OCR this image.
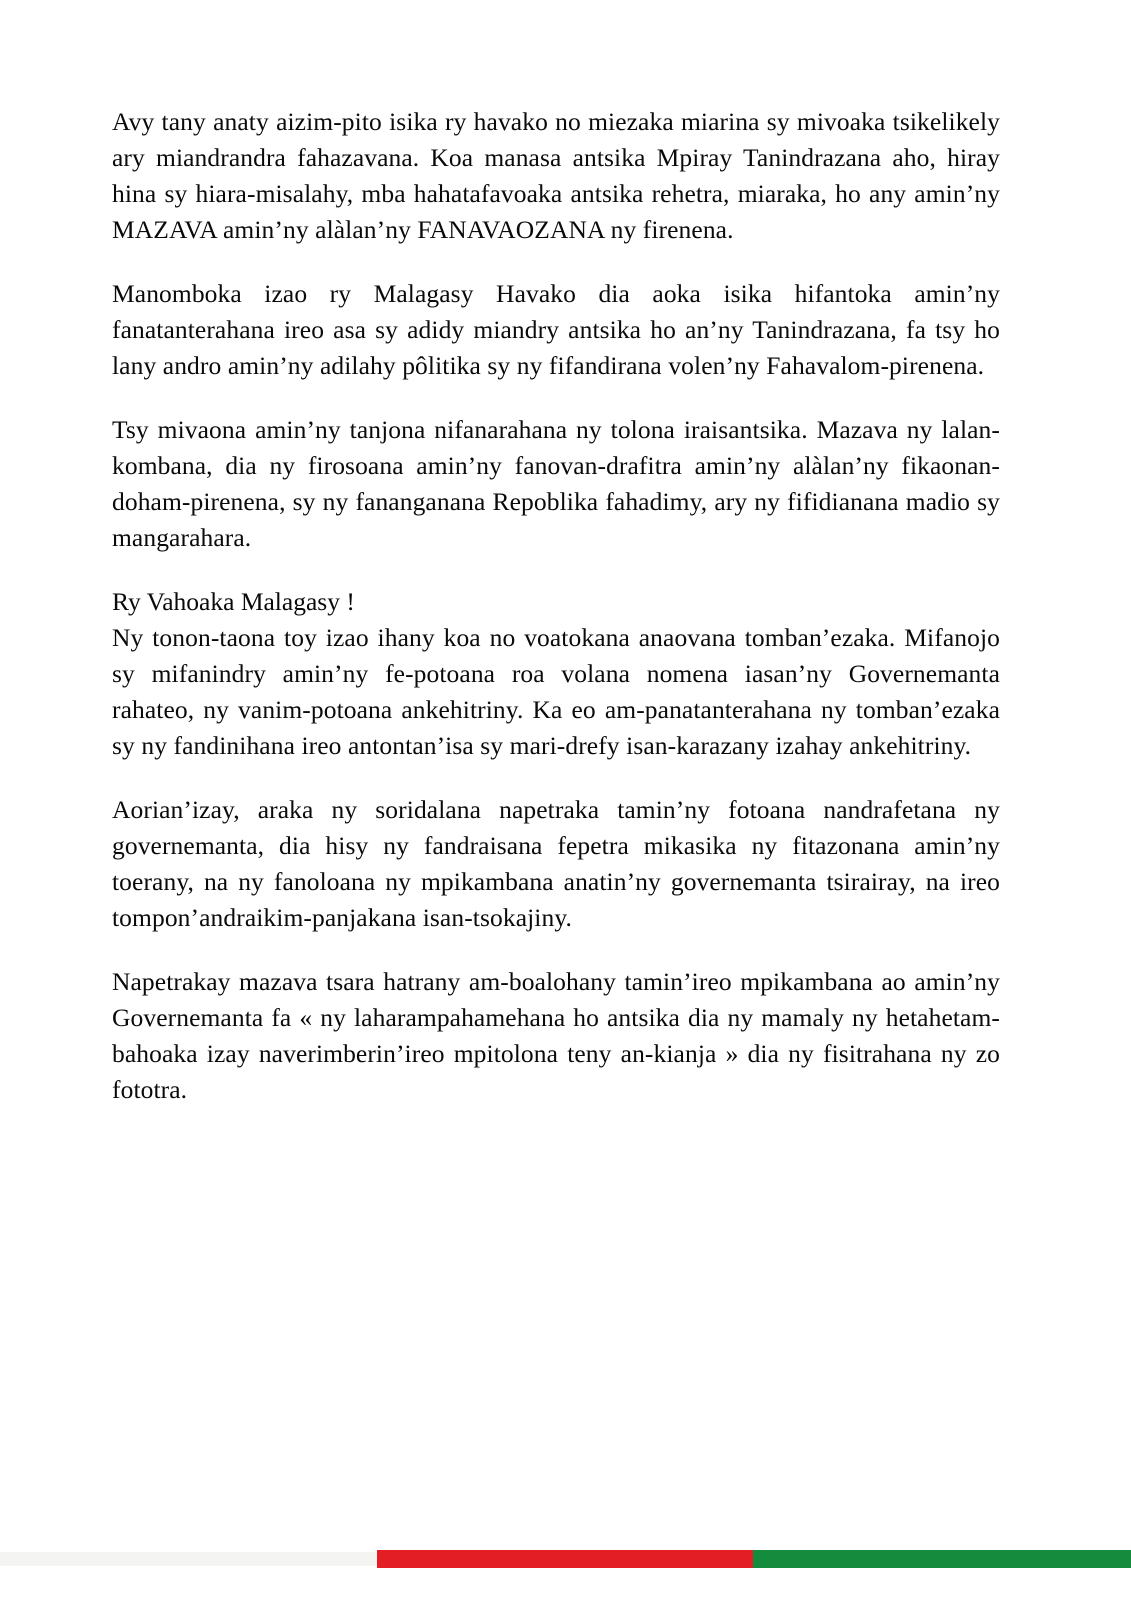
Avy tany anaty aizim-pito isika ry havako no miezaka miarina sy mivoaka tsikelikely ary miandrandra fahazavana. Koa manasa antsika Mpiray Tanindrazana aho, hiray hina sy hiara-misalahy, mba hahatafavoaka antsika rehetra, miaraka, ho any amin’ny MAZAVA amin’ny alàlan’ny FANAVAOZANA ny firenena.

Manomboka izao ry Malagasy Havako dia aoka isika hifantoka amin’ny fanatanterahana ireo asa sy adidy miandry antsika ho an’ny Tanindrazana, fa tsy ho lany andro amin’ny adilahy pôlitika sy ny fifandirana volen’ny Fahavalom-pirenena.

Tsy mivaona amin’ny tanjona nifanarahana ny tolona iraisantsika. Mazava ny lalan-kombana, dia ny firosoana amin’ny fanovan-drafitra amin’ny alàlan’ny fikaonan-doham-pirenena, sy ny fananganana Repoblika fahadimy, ary ny fifidianana madio sy mangarahara.

Ry Vahoaka Malagasy !

Ny tonon-taona toy izao ihany koa no voatokana anaovana tomban’ezaka. Mifanojo sy mifanindry amin’ny fe-potoana roa volana nomena iasan’ny Governemanta rahateo, ny vanim-potoana ankehitriny. Ka eo am-panatanterahana ny tomban’ezaka sy ny fandinihana ireo antontan’isa sy mari-drefy isan-karazany izahay ankehitriny.

Aorian’izay, araka ny soridalana napetraka tamin’ny fotoana nandrafetana ny governemanta, dia hisy ny fandraisana fepetra mikasika ny fitazonana amin’ny toerany, na ny fanoloana ny mpikambana anatin’ny governemanta tsirairay, na ireo tompon’andraikim-panjakana isan-tsokajiny.

Napetrakay mazava tsara hatrany am-boalohany tamin’ireo mpikambana ao amin’ny Governemanta fa « ny laharampahamehana ho antsika dia ny mamaly ny hetahetam-bahoaka izay naverimberin’ireo mpitolona teny an-kianja » dia ny fisitrahana ny zo fototra.
